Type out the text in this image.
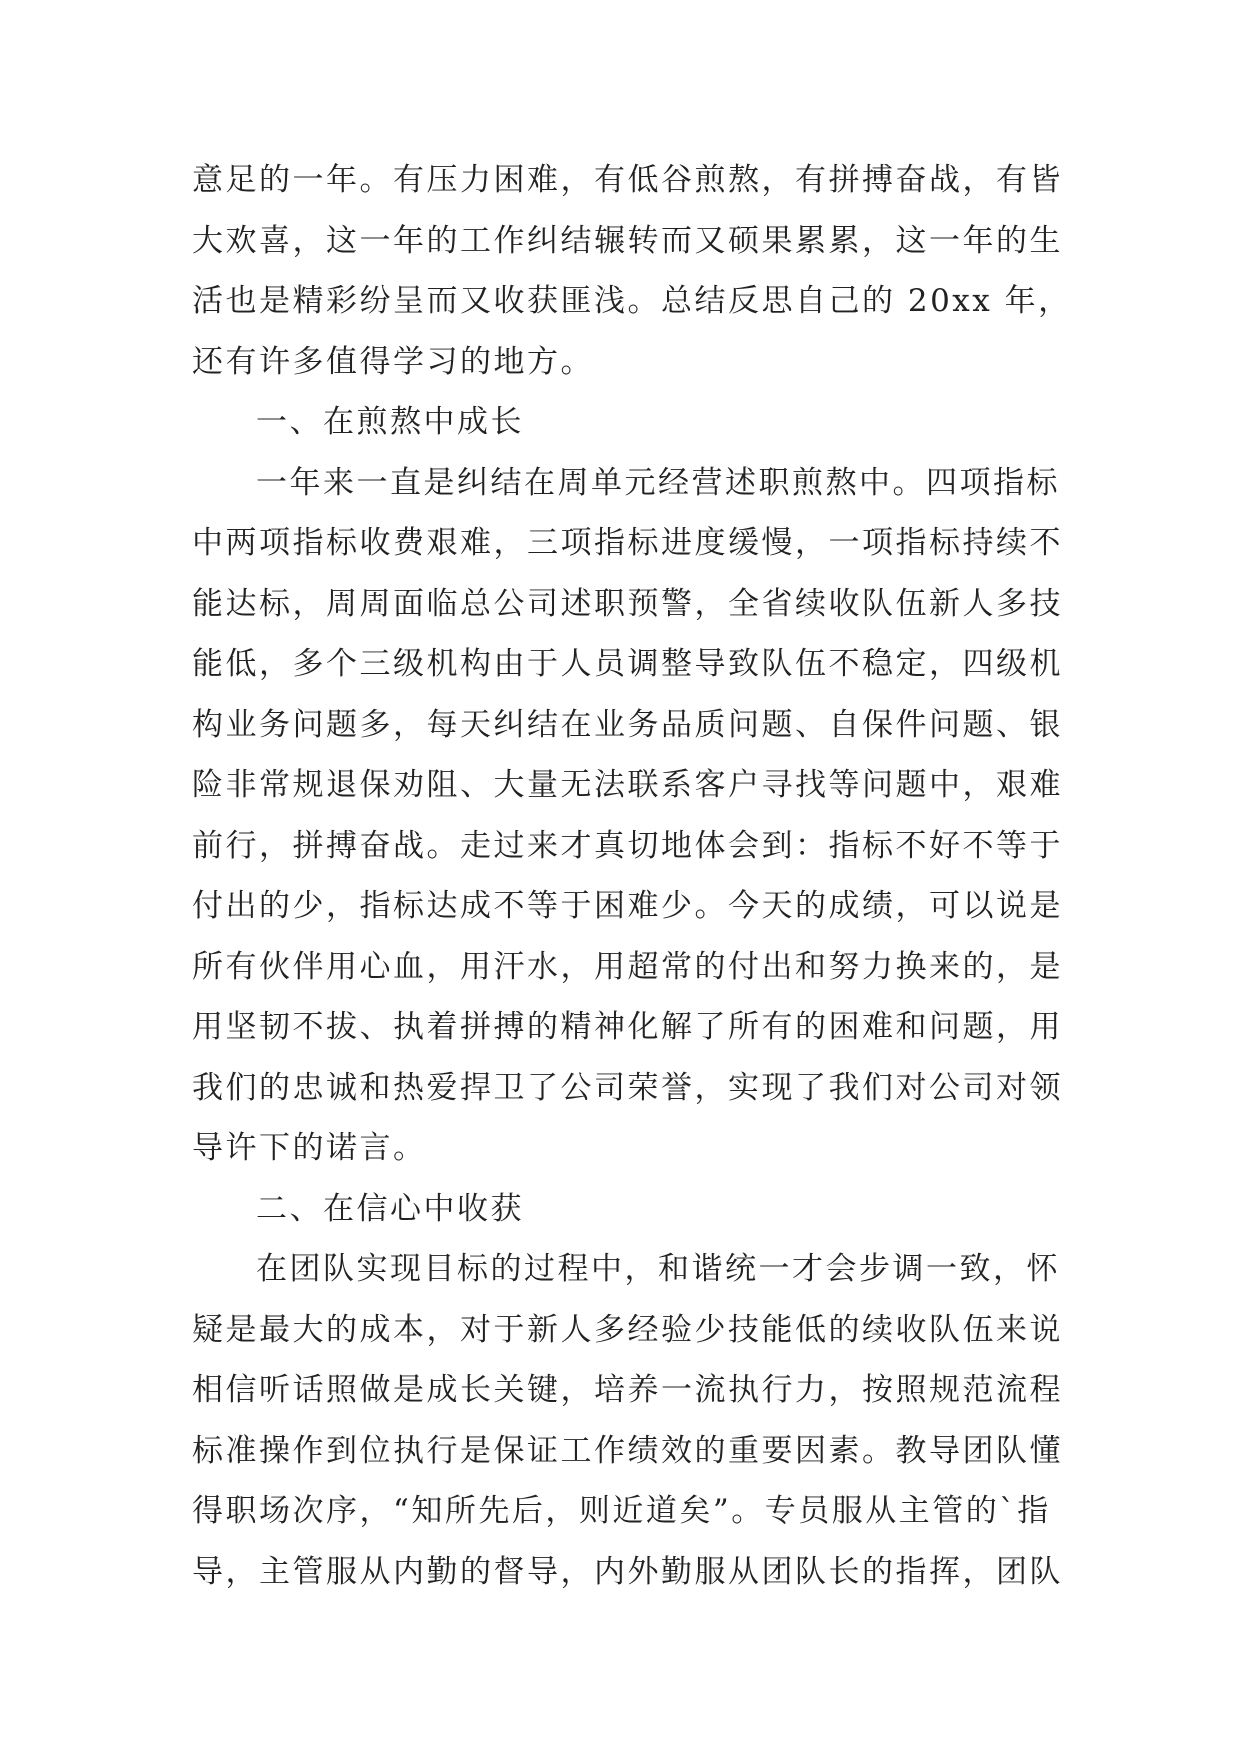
意足的一年。有压力困难，有低谷煎熬，有拼搏奋战，有皆
大欢喜，这一年的工作纠结辗转而又硕果累累，这一年的生
活也是精彩纷呈而又收获匪浅。总结反思自己的 20xx 年，
还有许多值得学习的地方。
一、在煎熬中成长
一年来一直是纠结在周单元经营述职煎熬中。四项指标
中两项指标收费艰难，三项指标进度缓慢，一项指标持续不
能达标，周周面临总公司述职预警，全省续收队伍新人多技
能低，多个三级机构由于人员调整导致队伍不稳定，四级机
构业务问题多，每天纠结在业务品质问题、自保件问题、银
险非常规退保劝阻、大量无法联系客户寻找等问题中，艰难
前行，拼搏奋战。走过来才真切地体会到：指标不好不等于
付出的少，指标达成不等于困难少。今天的成绩，可以说是
所有伙伴用心血，用汗水，用超常的付出和努力换来的，是
用坚韧不拔、执着拼搏的精神化解了所有的困难和问题，用
我们的忠诚和热爱捍卫了公司荣誉，实现了我们对公司对领
导许下的诺言。
二、在信心中收获
在团队实现目标的过程中，和谐统一才会步调一致，怀
疑是最大的成本，对于新人多经验少技能低的续收队伍来说
相信听话照做是成长关键，培养一流执行力，按照规范流程
标准操作到位执行是保证工作绩效的重要因素。教导团队懂
得职场次序，“知所先后，则近道矣”。专员服从主管的`指
导，主管服从内勤的督导，内外勤服从团队长的指挥，团队
